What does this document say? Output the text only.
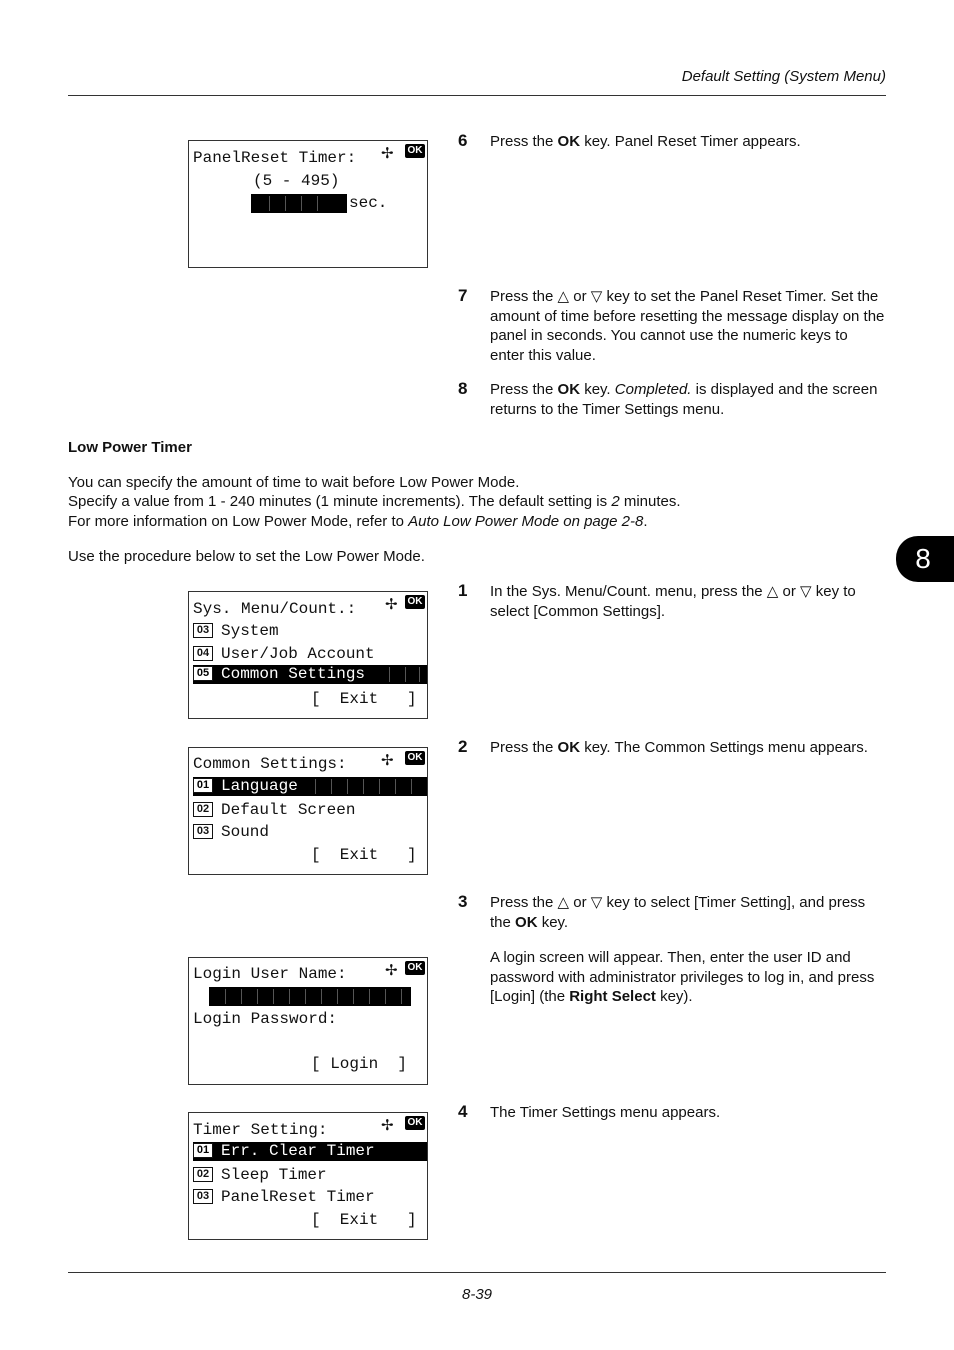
Default Setting (System Menu)
8
PanelReset Timer:	✢ OK
(5 - 495)

90

sec.
6 Press the OK key. Panel Reset Timer appears.
7 Press the △ or ▽ key to set the Panel Reset Timer. Set the amount of time before resetting the message display on the panel in seconds. You cannot use the numeric keys to enter this value.
8 Press the OK key. Completed. is displayed and the screen returns to the Timer Settings menu.
Low Power Timer
You can specify the amount of time to wait before Low Power Mode.
Specify a value from 1 - 240 minutes (1 minute increments). The default setting is 2 minutes.
For more information on Low Power Mode, refer to Auto Low Power Mode on page 2-8.
Use the procedure below to set the Low Power Mode.
Sys. Menu/Count.:	✢ OK
03 System
04 User/Job Account
05 Common Settings
[  Exit   ]
Common Settings:	✢ OK
01 Language
02 Default Screen
03 Sound
[  Exit   ]
Login User Name:	✢ OK
Login Password:
[ Login  ]
Timer Setting:	✢ OK
01 Err. Clear Timer
02 Sleep Timer
03 PanelReset Timer
[  Exit   ]
1 In the Sys. Menu/Count. menu, press the △ or ▽ key to select [Common Settings].
2 Press the OK key. The Common Settings menu appears.
3 Press the △ or ▽ key to select [Timer Setting], and press the OK key.
A login screen will appear. Then, enter the user ID and password with administrator privileges to log in, and press [Login] (the Right Select key).
4 The Timer Settings menu appears.
8-39
